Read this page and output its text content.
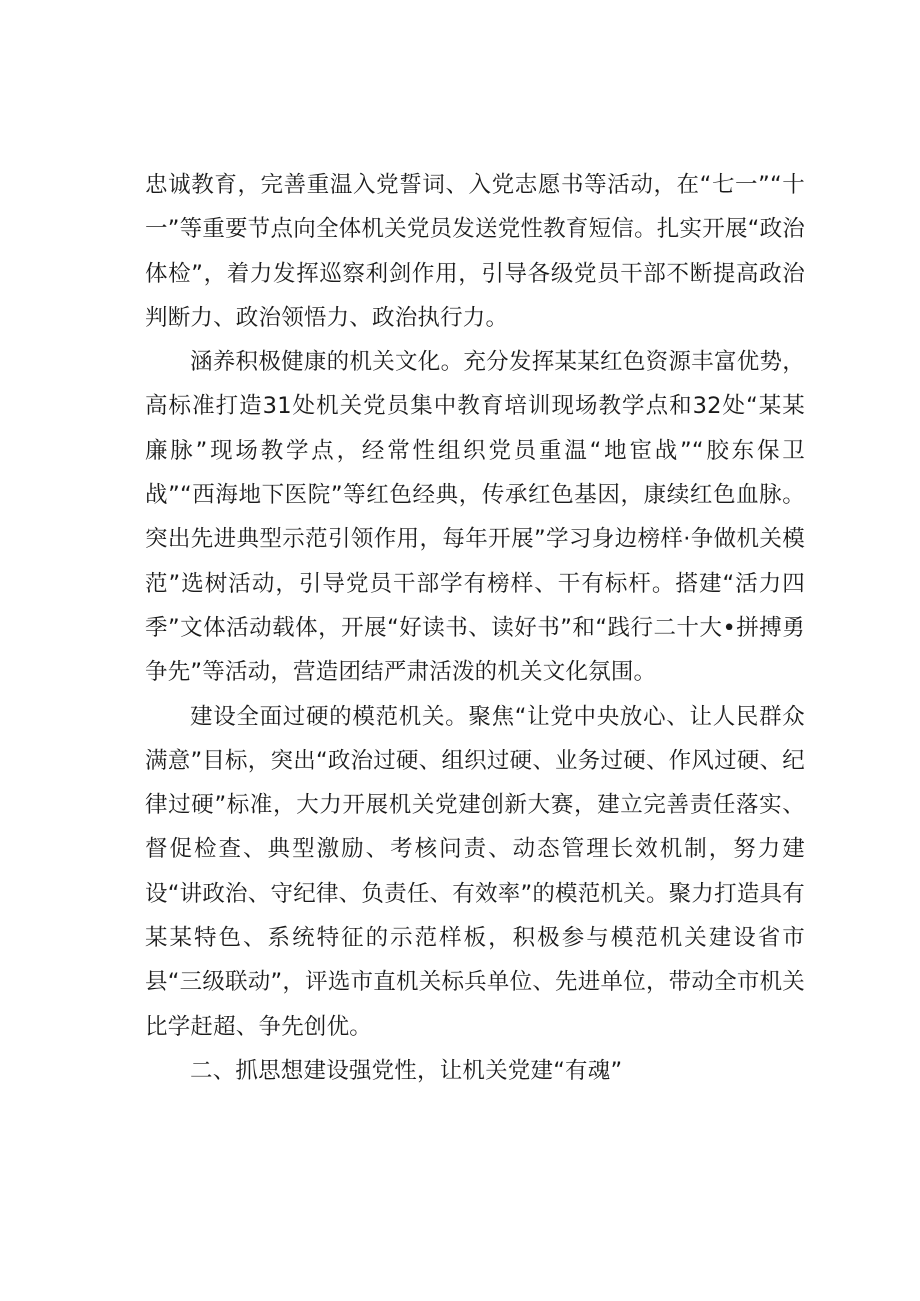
忠诚教育，完善重温入党誓词、入党志愿书等活动，在“七一”“十一”等重要节点向全体机关党员发送党性教育短信。扎实开展“政治体检”，着力发挥巡察利剑作用，引导各级党员干部不断提高政治判断力、政治领悟力、政治执行力。

涵养积极健康的机关文化。充分发挥某某红色资源丰富优势，高标准打造31处机关党员集中教育培训现场教学点和32处“某某廉脉”现场教学点，经常性组织党员重温“地宦战”“胶东保卫战”“西海地下医院”等红色经典，传承红色基因，康续红色血脉。突出先进典型示范引领作用，每年开展”学习身边榜样·争做机关模范”选树活动，引导党员干部学有榜样、干有标杆。搭建“活力四季”文体活动载体，开展“好读书、读好书”和“践行二十大•拼搏勇争先”等活动，营造团结严肃活泼的机关文化氛围。

建设全面过硬的模范机关。聚焦“让党中央放心、让人民群众满意”目标，突出“政治过硬、组织过硬、业务过硬、作风过硬、纪律过硬”标准，大力开展机关党建创新大赛，建立完善责任落实、督促检查、典型激励、考核问责、动态管理长效机制，努力建设“讲政治、守纪律、负责任、有效率”的模范机关。聚力打造具有某某特色、系统特征的示范样板，积极参与模范机关建设省市县“三级联动”，评选市直机关标兵单位、先进单位，带动全市机关比学赶超、争先创优。

二、抓思想建设强党性，让机关党建“有魂”
